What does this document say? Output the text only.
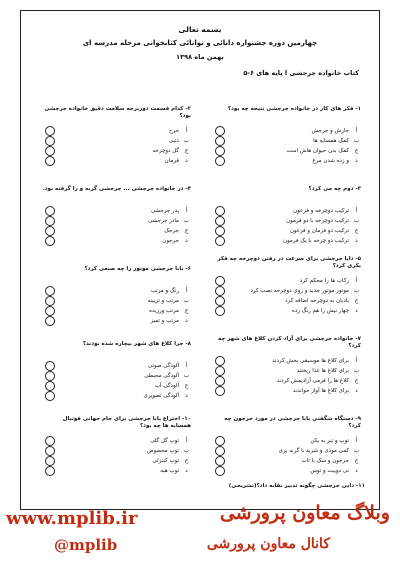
بسمه تعالی
چهارمین دوره جشنواره دانائی و توانائی کتابخوانی مرحله مدرسه ای
بهمن ماه ۱۳۹۸
کتاب خانواده جرجشی ا پایه های ۶-۵
۱- فکر های کار در خانواده جرجشی نتیجه چه بود؟
أ
جارش و جرجش
ب
کمک همسایه ها
ج
کمک بدن حیوان هاش است
د
و زده شدن مرغ
۲- کدام قسمت دوربرجه سلامت دقیق خانواده جرجشی بود؟
أ
جرح
ب
دنبی
ج
گل دوچرخه
د
فرمان
۳- دوم چه می کرد؟
أ
ترکیب دوچرخه و فرعون
ب
ترکیب دوچرخه با دو فرمون
ج
ترکیب دو فرمان و فرعون
د
ترکیب دو چرخه با یک فرمون
۴- در خانواده جرجشی ... جرجشی گربه و را گرفته بود.
أ
پدر جرجشی
ب
مادر جرجشی
ج
جرجک
د
جرجون
۵- دایا جرجشی برای سرعت در رفتن دوچرخه چه فکر یکری کرد؟
أ
رکاب ها را محکم کرد
ب
موتور موتور جدید و روی دوچرخه نصب کرد
ج
بادبان به دوچرخه اضافه کرد
د
چهار نیش را هم رنگ زده
۶- بابا جرجشی موتور را چه صنعی کرد؟
أ
رنگ و مرتب
ب
مرتب و تزیینه
ج
مرتب ورزیده
د
مرتب و تمیز
۷- خانواده جرجشی برای آزاد کردن کلاغ های شهر چه کرد؟
أ
برای کلاغ ها موسیقی پخش کردند
ب
برای کلاغ ها غذا ریختند
ج
کلاغ ها را فرمی آزادیمش کردند
د
برای کلاغ ها آواز خواندند
۸- جرا کلاغ های شهر بیچاره شده بودند؟
أ
آلودگی صوتی
ب
آلودگی محیطی
ج
آلودگی آب
د
آلودگی تصویری
۹- دستگاه شگفتی بابا جرجشی در مورد جرجون چه کرد؟
أ
توپ و تیر به پکن
ب
کمی موذی و شربه با گربه بری
ج
جرجون و سک با تاب
د
نی دوبیت و توس
۱۰- اختراع بابا جرجشی برای جام جهانی فوتبال همسایه ها چه بود؟
أ
توپ گل گلی
ب
توپ مخصوص
ج
توپ کنترلی
د
توپ هبه
۱۱- دایی جرجشی چگونه تدبیر نقابه داد؟(تشریحی)
وبلاگ معاون پرورشی
www.mplib.ir
کانال معاون پرورشی
@mplib
